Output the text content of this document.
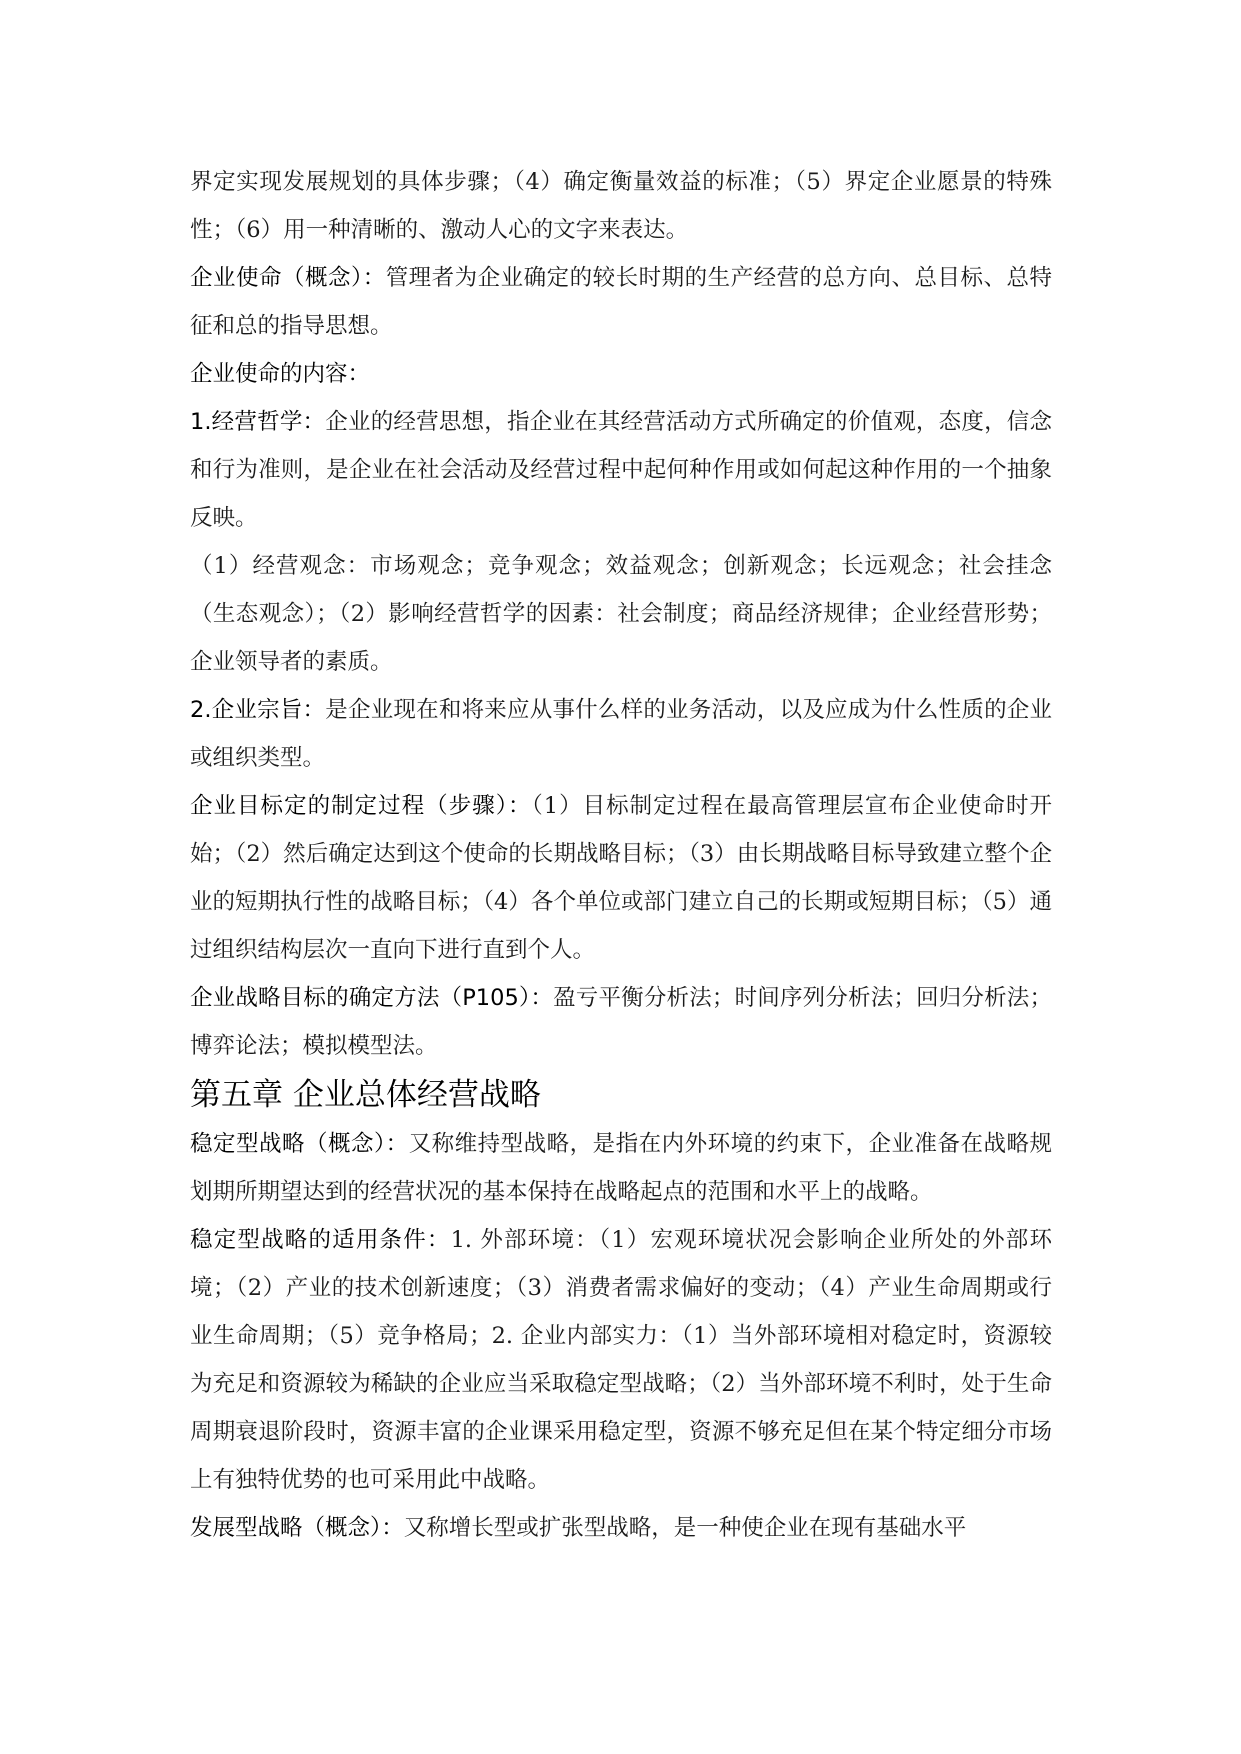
界定实现发展规划的具体步骤；（4）确定衡量效益的标准；（5）界定企业愿景的特殊性；（6）用一种清晰的、激动人心的文字来表达。

企业使命（概念）：管理者为企业确定的较长时期的生产经营的总方向、总目标、总特征和总的指导思想。

企业使命的内容：

1.经营哲学：企业的经营思想，指企业在其经营活动方式所确定的价值观，态度，信念和行为准则，是企业在社会活动及经营过程中起何种作用或如何起这种作用的一个抽象反映。

（1）经营观念：市场观念；竞争观念；效益观念；创新观念；长远观念；社会挂念（生态观念）；（2）影响经营哲学的因素：社会制度；商品经济规律；企业经营形势；企业领导者的素质。

2.企业宗旨：是企业现在和将来应从事什么样的业务活动，以及应成为什么性质的企业或组织类型。

企业目标定的制定过程（步骤）：（1）目标制定过程在最高管理层宣布企业使命时开始；（2）然后确定达到这个使命的长期战略目标；（3）由长期战略目标导致建立整个企业的短期执行性的战略目标；（4）各个单位或部门建立自己的长期或短期目标；（5）通过组织结构层次一直向下进行直到个人。

企业战略目标的确定方法（P105）：盈亏平衡分析法；时间序列分析法；回归分析法；博弈论法；模拟模型法。

第五章 企业总体经营战略

稳定型战略（概念）：又称维持型战略，是指在内外环境的约束下，企业准备在战略规划期所期望达到的经营状况的基本保持在战略起点的范围和水平上的战略。

稳定型战略的适用条件：1. 外部环境：（1）宏观环境状况会影响企业所处的外部环境；（2）产业的技术创新速度；（3）消费者需求偏好的变动；（4）产业生命周期或行业生命周期；（5）竞争格局；2. 企业内部实力：（1）当外部环境相对稳定时，资源较为充足和资源较为稀缺的企业应当采取稳定型战略；（2）当外部环境不利时，处于生命周期衰退阶段时，资源丰富的企业课采用稳定型，资源不够充足但在某个特定细分市场上有独特优势的也可采用此中战略。

发展型战略（概念）：又称增长型或扩张型战略，是一种使企业在现有基础水平
